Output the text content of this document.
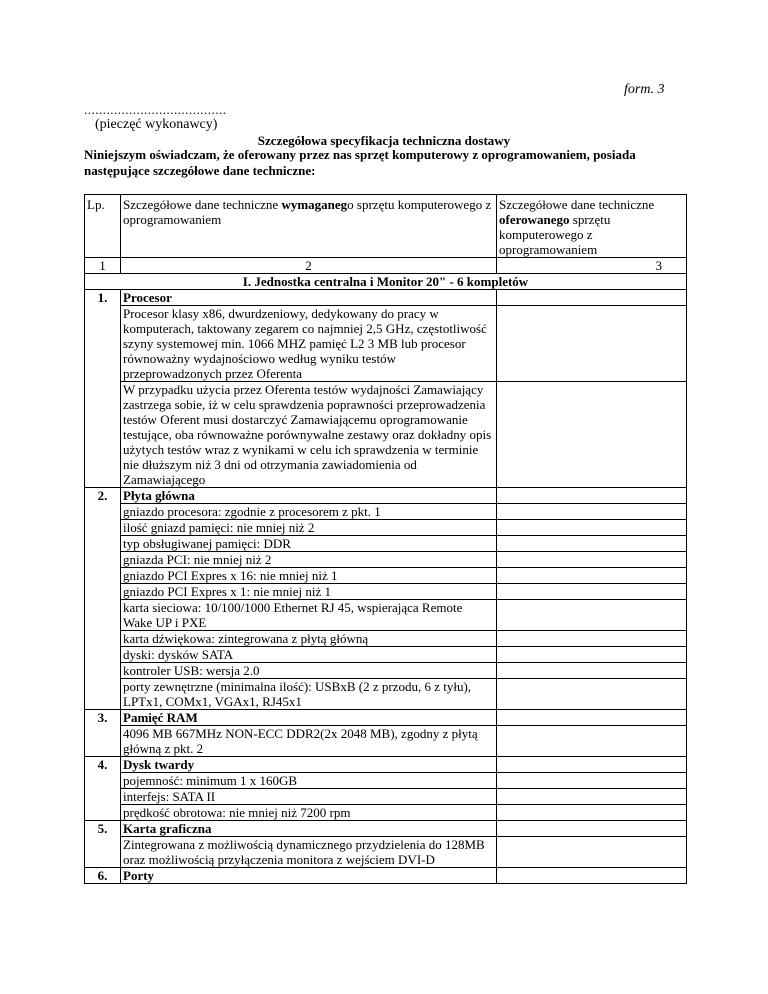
form. 3
......................................
(pieczęć wykonawcy)
Szczegółowa specyfikacja techniczna dostawy
Niniejszym oświadczam, że oferowany przez nas sprzęt komputerowy z oprogramowaniem, posiada następujące szczegółowe dane techniczne:
Lp.	Szczegółowe dane techniczne wymaganego sprzętu komputerowego z oprogramowaniem	Szczegółowe dane techniczne oferowanego sprzętu komputerowego z oprogramowaniem
1	2	3
I. Jednostka centralna i Monitor 20" - 6 kompletów		
1.	Procesor	
	Procesor klasy x86, dwurdzeniowy, dedykowany do pracy w komputerach, taktowany zegarem co najmniej 2,5 GHz, częstotliwość szyny systemowej min. 1066 MHZ pamięć L2 3 MB lub procesor równoważny wydajnościowo według wyniku testów przeprowadzonych przez Oferenta	
	W przypadku użycia przez Oferenta testów wydajności Zamawiający zastrzega sobie, iż w celu sprawdzenia poprawności przeprowadzenia testów Oferent musi dostarczyć Zamawiającemu oprogramowanie testujące, oba równoważne porównywalne zestawy oraz dokładny opis użytych testów wraz z wynikami w celu ich sprawdzenia w terminie nie dłuższym niż 3 dni od otrzymania zawiadomienia od Zamawiającego	
2.	Płyta główna	
	gniazdo procesora: zgodnie z procesorem z pkt. 1	
	ilość gniazd pamięci: nie mniej niż 2	
	typ obsługiwanej pamięci: DDR	
	gniazda PCI: nie mniej niż 2	
	gniazdo PCI Expres x 16: nie mniej niż 1	
	gniazdo PCI Expres x 1: nie mniej niż 1	
	karta sieciowa: 10/100/1000 Ethernet RJ 45, wspierająca Remote Wake UP i PXE	
	karta dźwiękowa: zintegrowana z płytą główną	
	dyski: dysków SATA	
	kontroler USB: wersja 2.0	
	porty zewnętrzne (minimalna ilość): USBxB (2 z przodu, 6 z tyłu), LPTx1, COMx1, VGAx1, RJ45x1	
3.	Pamięć RAM	
	4096 MB 667MHz NON-ECC DDR2(2x 2048 MB), zgodny z płytą główną z pkt. 2	
4.	Dysk twardy	
	pojemność: minimum 1 x 160GB	
	interfejs: SATA II	
	prędkość obrotowa: nie mniej niż 7200 rpm	
5.	Karta graficzna	
	Zintegrowana z możliwością dynamicznego przydzielenia do 128MB oraz możliwością przyłączenia monitora z wejściem DVI-D	
6.	Porty	
